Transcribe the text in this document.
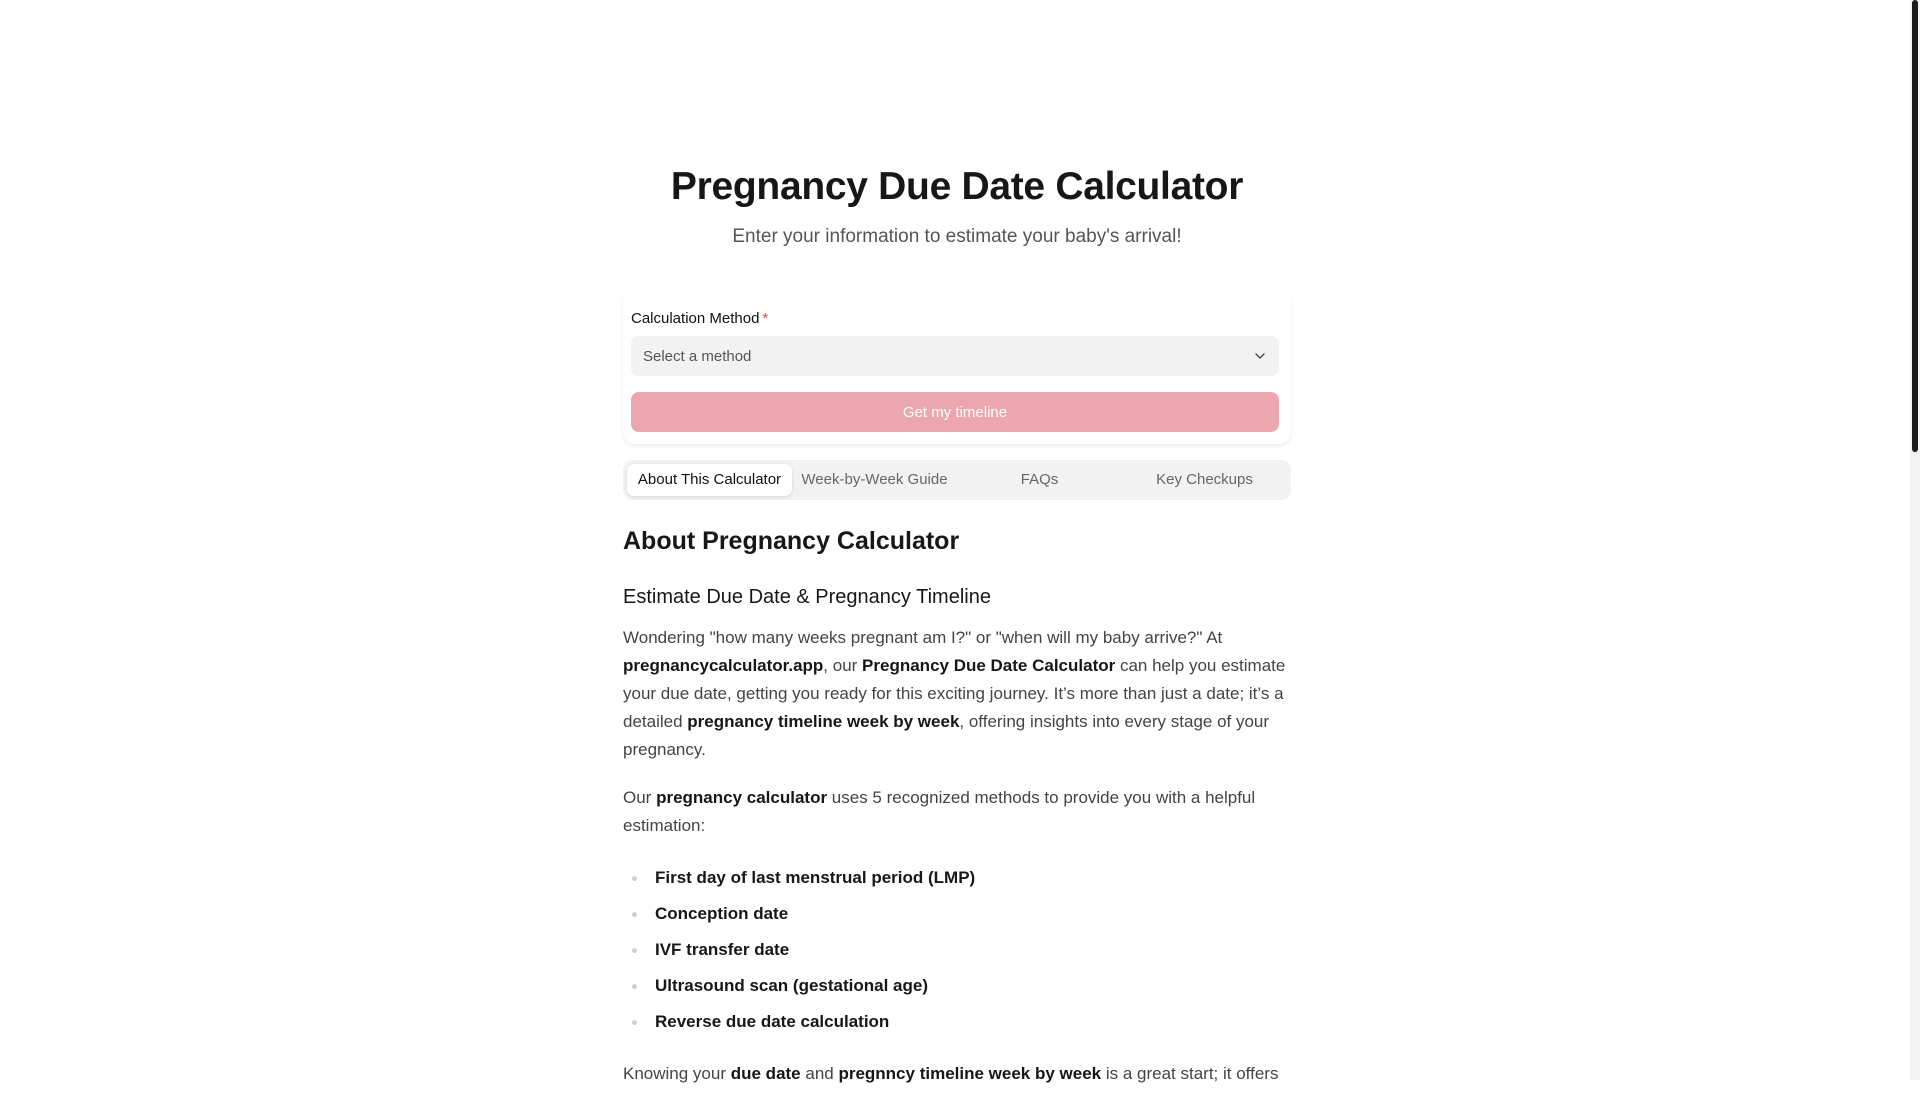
Pregnancy Due Date Calculator
Enter your information to estimate your baby's arrival!
Calculation Method *
Select a method
Get my timeline
About This Calculator	Week-by-Week Guide	FAQs	Key Checkups
About Pregnancy Calculator
Estimate Due Date & Pregnancy Timeline

Wondering "how many weeks pregnant am I?" or "when will my baby arrive?" At pregnancycalculator.app, our Pregnancy Due Date Calculator can help you estimate your due date, getting you ready for this exciting journey. It’s more than just a date; it’s a detailed pregnancy timeline week by week, offering insights into every stage of your pregnancy.

Our pregnancy calculator uses 5 recognized methods to provide you with a helpful estimation:

First day of last menstrual period (LMP)
Conception date
IVF transfer date
Ultrasound scan (gestational age)
Reverse due date calculation

Knowing your due date and pregnncy timeline week by week is a great start; it offers
